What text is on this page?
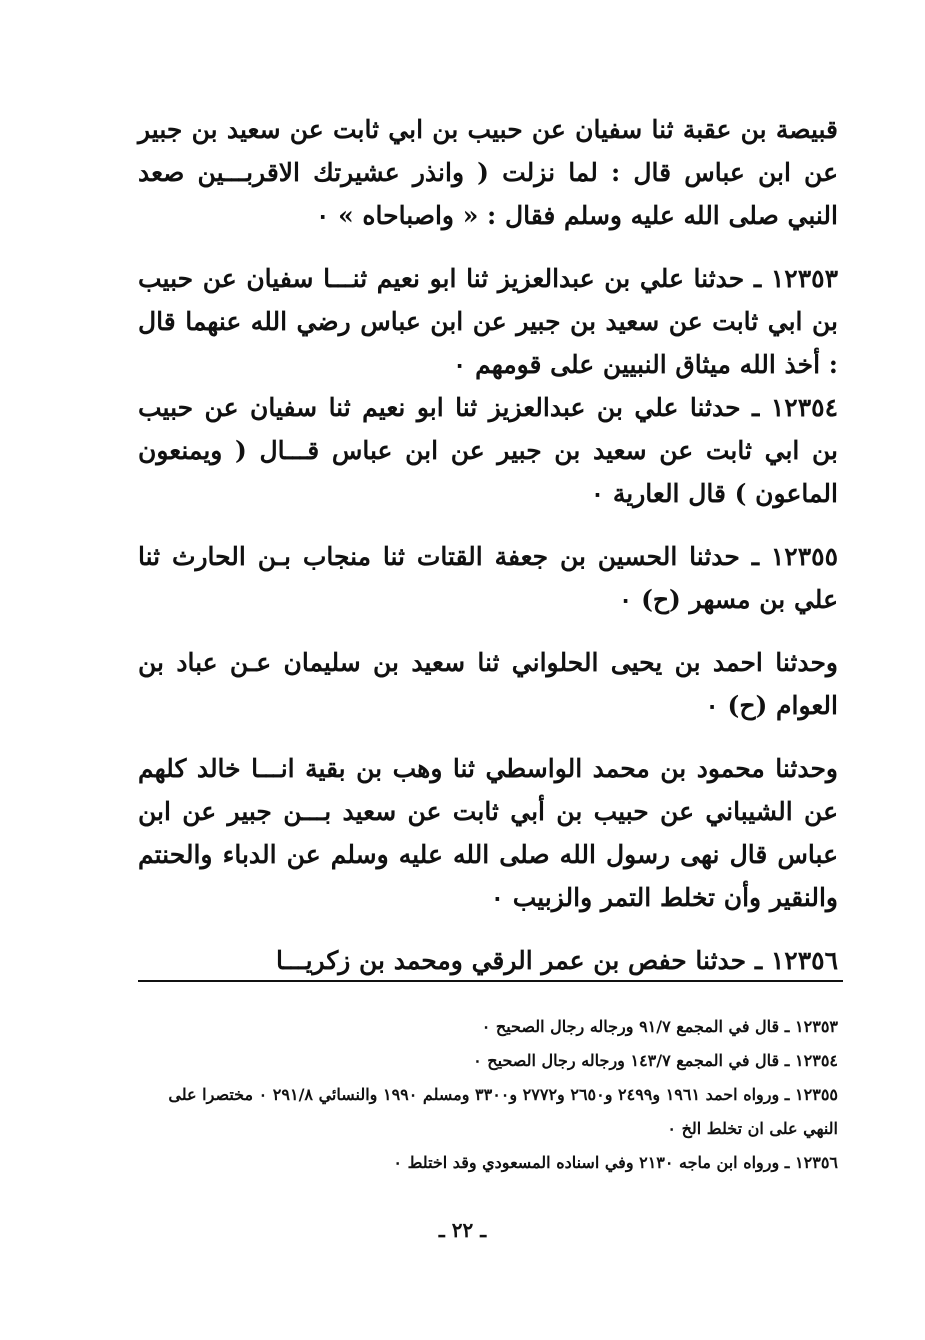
قبيصة بن عقبة ثنا سفيان عن حبيب بن ابي ثابت عن سعيد بن جبير عن ابن عباس قال : لما نزلت ( وانذر عشيرتك الاقربـــين صعد النبي صلى الله عليه وسلم فقال : « واصباحاه » ٠

١٢٣٥٣ ـ حدثنا علي بن عبدالعزيز ثنا ابو نعيم ثنـــا سفيان عن حبيب بن ابي ثابت عن سعيد بن جبير عن ابن عباس رضي الله عنهما قال : أخذ الله ميثاق النبيين على قومهم ٠

١٢٣٥٤ ـ حدثنا علي بن عبدالعزيز ثنا ابو نعيم ثنا سفيان عن حبيب بن ابي ثابت عن سعيد بن جبير عن ابن عباس قـــال ( ويمنعون الماعون ) قال العارية ٠

١٢٣٥٥ ـ حدثنا الحسين بن جعفة القتات ثنا منجاب بـن الحارث ثنا علي بن مسهر (ح) ٠

وحدثنا احمد بن يحيى الحلواني ثنا سعيد بن سليمان عـن عباد بن العوام (ح) ٠

وحدثنا محمود بن محمد الواسطي ثنا وهب بن بقية انـــا خالد كلهم عن الشيباني عن حبيب بن أبي ثابت عن سعيد بـــن جبير عن ابن عباس قال نهى رسول الله صلى الله عليه وسلم عن الدباء والحنتم والنقير وأن تخلط التمر والزبيب ٠

١٢٣٥٦ ـ حدثنا حفص بن عمر الرقي ومحمد بن زكريـــا

١٢٣٥٣ ـ قال في المجمع ٩١/٧ ورجاله رجال الصحيح ٠

١٢٣٥٤ ـ قال في المجمع ١٤٣/٧ ورجاله رجال الصحيح ٠

١٢٣٥٥ ـ ورواه احمد ١٩٦١ و٢٤٩٩ و٢٦٥٠ و٢٧٧٢ و٣٣٠٠ ومسلم ١٩٩٠ والنسائي ٢٩١/٨ ٠ مختصرا على النهي على ان تخلط الخ ٠

١٢٣٥٦ ـ ورواه ابن ماجه ٢١٣٠ وفي اسناده المسعودي وقد اختلط ٠

ـ ٢٢ ـ
